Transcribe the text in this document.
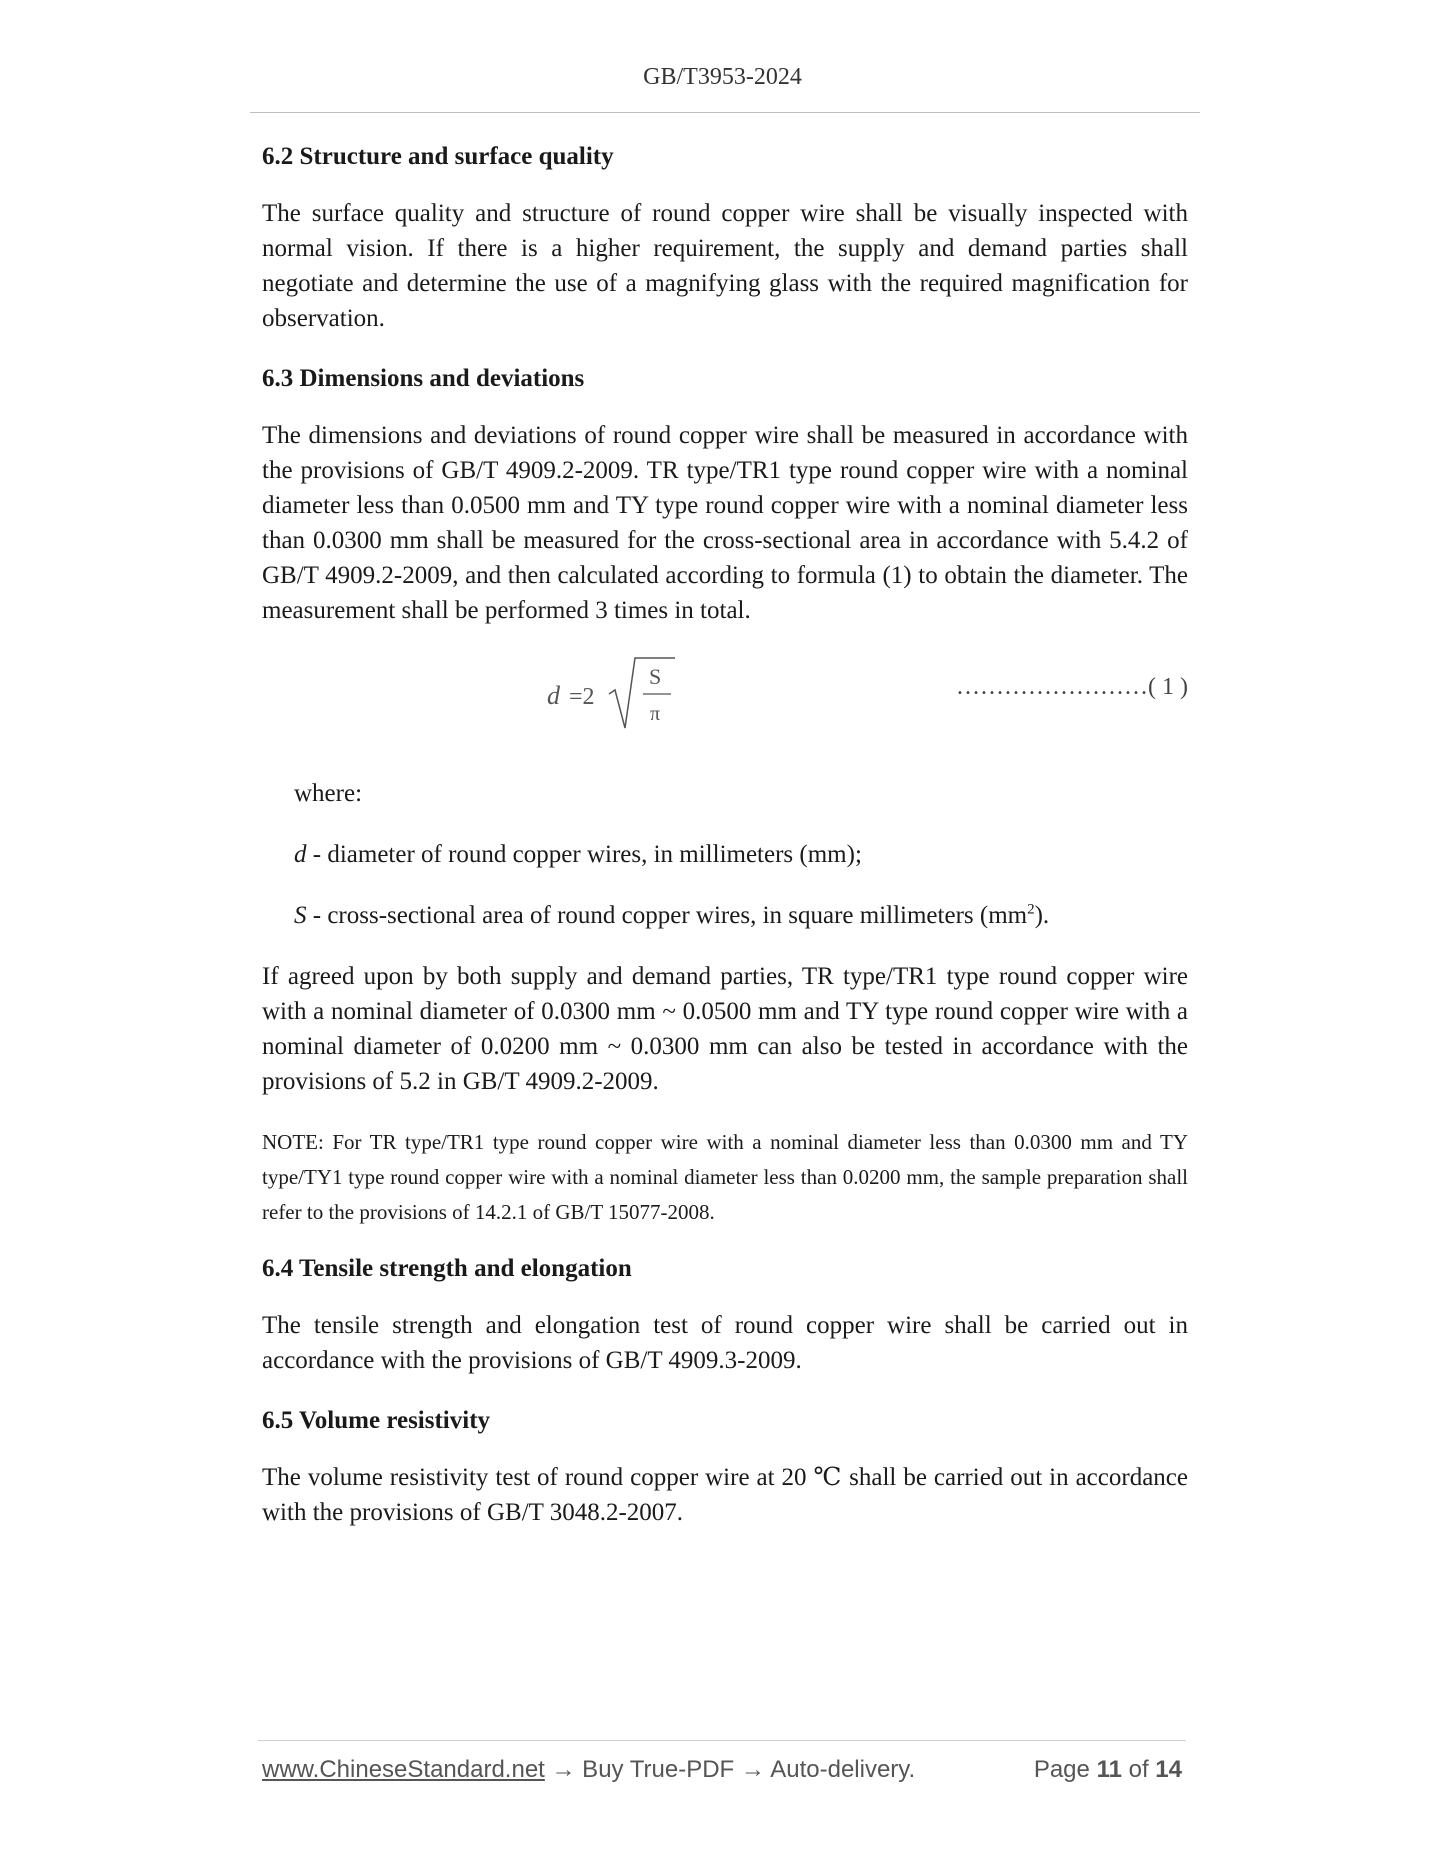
GB/T3953-2024
6.2 Structure and surface quality

The surface quality and structure of round copper wire shall be visually inspected with normal vision. If there is a higher requirement, the supply and demand parties shall negotiate and determine the use of a magnifying glass with the required magnification for observation.

6.3 Dimensions and deviations

The dimensions and deviations of round copper wire shall be measured in accordance with the provisions of GB/T 4909.2-2009. TR type/TR1 type round copper wire with a nominal diameter less than 0.0500 mm and TY type round copper wire with a nominal diameter less than 0.0300 mm shall be measured for the cross-sectional area in accordance with 5.4.2 of GB/T 4909.2-2009, and then calculated according to formula (1) to obtain the diameter. The measurement shall be performed 3 times in total.

d =2
S
π
……………………( 1 )

where:

d - diameter of round copper wires, in millimeters (mm);

S - cross-sectional area of round copper wires, in square millimeters $(mm^2)$.

If agreed upon by both supply and demand parties, TR type/TR1 type round copper wire with a nominal diameter of 0.0300 mm ~ 0.0500 mm and TY type round copper wire with a nominal diameter of 0.0200 mm ~ 0.0300 mm can also be tested in accordance with the provisions of 5.2 in GB/T 4909.2-2009.

NOTE: For TR type/TR1 type round copper wire with a nominal diameter less than 0.0300 mm and TY type/TY1 type round copper wire with a nominal diameter less than 0.0200 mm, the sample preparation shall refer to the provisions of 14.2.1 of GB/T 15077-2008.

6.4 Tensile strength and elongation

The tensile strength and elongation test of round copper wire shall be carried out in accordance with the provisions of GB/T 4909.3-2009.

6.5 Volume resistivity

The volume resistivity test of round copper wire at 20 ℃ shall be carried out in accordance with the provisions of GB/T 3048.2-2007.

www.ChineseStandard.net → Buy True-PDF → Auto-delivery.	Page 11 of 14
